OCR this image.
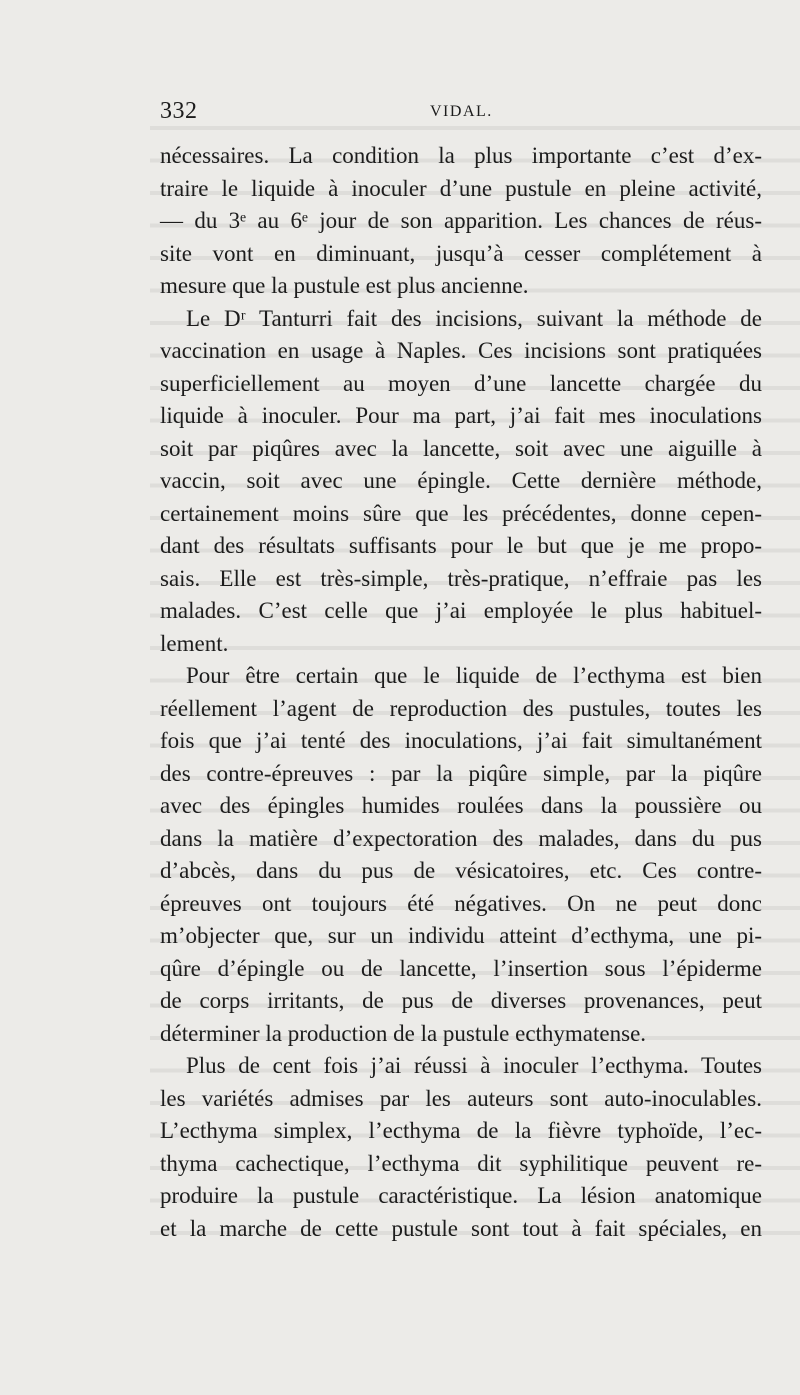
332	VIDAL.
nécessaires. La condition la plus importante c’est d’ex-
traire le liquide à inoculer d’une pustule en pleine activité,
— du 3ᵉ au 6ᵉ jour de son apparition. Les chances de réus-
site vont en diminuant, jusqu’à cesser complétement à
mesure que la pustule est plus ancienne.
Le Dʳ Tanturri fait des incisions, suivant la méthode de
vaccination en usage à Naples. Ces incisions sont pratiquées
superficiellement au moyen d’une lancette chargée du
liquide à inoculer. Pour ma part, j’ai fait mes inoculations
soit par piqûres avec la lancette, soit avec une aiguille à
vaccin, soit avec une épingle. Cette dernière méthode,
certainement moins sûre que les précédentes, donne cepen-
dant des résultats suffisants pour le but que je me propo-
sais. Elle est très-simple, très-pratique, n’effraie pas les
malades. C’est celle que j’ai employée le plus habituel-
lement.
Pour être certain que le liquide de l’ecthyma est bien
réellement l’agent de reproduction des pustules, toutes les
fois que j’ai tenté des inoculations, j’ai fait simultanément
des contre-épreuves : par la piqûre simple, par la piqûre
avec des épingles humides roulées dans la poussière ou
dans la matière d’expectoration des malades, dans du pus
d’abcès, dans du pus de vésicatoires, etc. Ces contre-
épreuves ont toujours été négatives. On ne peut donc
m’objecter que, sur un individu atteint d’ecthyma, une pi-
qûre d’épingle ou de lancette, l’insertion sous l’épiderme
de corps irritants, de pus de diverses provenances, peut
déterminer la production de la pustule ecthymatense.
Plus de cent fois j’ai réussi à inoculer l’ecthyma. Toutes
les variétés admises par les auteurs sont auto-inoculables.
L’ecthyma simplex, l’ecthyma de la fièvre typhoïde, l’ec-
thyma cachectique, l’ecthyma dit syphilitique peuvent re-
produire la pustule caractéristique. La lésion anatomique
et la marche de cette pustule sont tout à fait spéciales, en
